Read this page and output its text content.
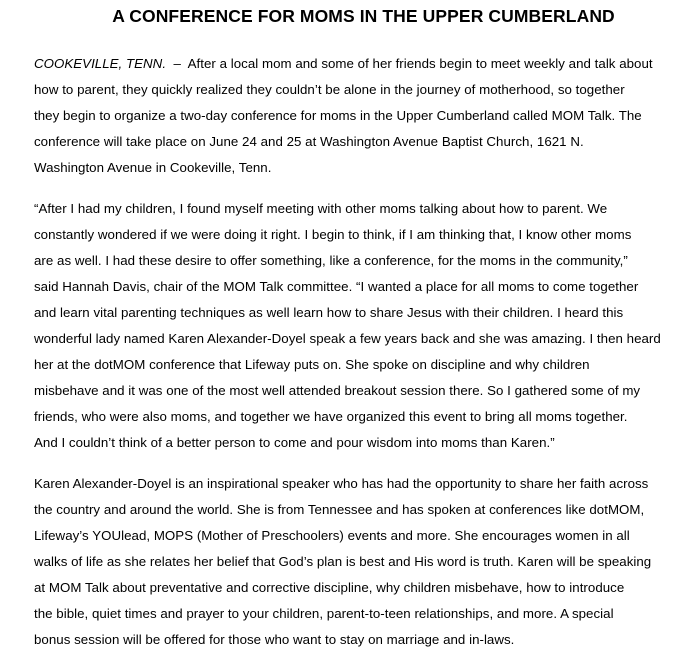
A CONFERENCE FOR MOMS IN THE UPPER CUMBERLAND
COOKEVILLE, TENN.  –  After a local mom and some of her friends begin to meet weekly and talk about
how to parent, they quickly realized they couldn’t be alone in the journey of motherhood, so together
they begin to organize a two-day conference for moms in the Upper Cumberland called MOM Talk. The
conference will take place on June 24 and 25 at Washington Avenue Baptist Church, 1621 N.
Washington Avenue in Cookeville, Tenn.
“After I had my children, I found myself meeting with other moms talking about how to parent. We
constantly wondered if we were doing it right. I begin to think, if I am thinking that, I know other moms
are as well. I had these desire to offer something, like a conference, for the moms in the community,”
said Hannah Davis, chair of the MOM Talk committee. “I wanted a place for all moms to come together
and learn vital parenting techniques as well learn how to share Jesus with their children. I heard this
wonderful lady named Karen Alexander-Doyel speak a few years back and she was amazing. I then heard
her at the dotMOM conference that Lifeway puts on. She spoke on discipline and why children
misbehave and it was one of the most well attended breakout session there. So I gathered some of my
friends, who were also moms, and together we have organized this event to bring all moms together.
And I couldn’t think of a better person to come and pour wisdom into moms than Karen.”
Karen Alexander-Doyel is an inspirational speaker who has had the opportunity to share her faith across
the country and around the world. She is from Tennessee and has spoken at conferences like dotMOM,
Lifeway’s YOUlead, MOPS (Mother of Preschoolers) events and more. She encourages women in all
walks of life as she relates her belief that God’s plan is best and His word is truth. Karen will be speaking
at MOM Talk about preventative and corrective discipline, why children misbehave, how to introduce
the bible, quiet times and prayer to your children, parent-to-teen relationships, and more. A special
bonus session will be offered for those who want to stay on marriage and in-laws.
